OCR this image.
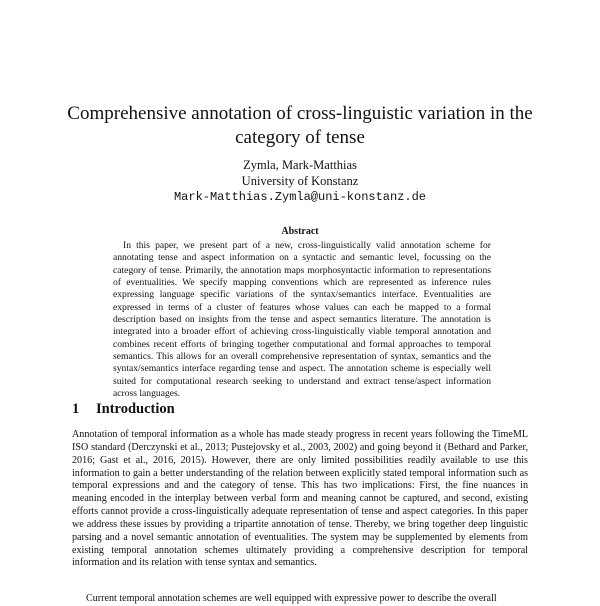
Comprehensive annotation of cross-linguistic variation in the category of tense
Zymla, Mark-Matthias
University of Konstanz
Mark-Matthias.Zymla@uni-konstanz.de
Abstract
In this paper, we present part of a new, cross-linguistically valid annotation scheme for annotating tense and aspect information on a syntactic and semantic level, focussing on the category of tense. Primarily, the annotation maps morphosyntactic information to representations of eventualities. We specify mapping conventions which are represented as inference rules expressing language specific variations of the syntax/semantics interface. Eventualities are expressed in terms of a cluster of features whose values can each be mapped to a formal description based on insights from the tense and aspect semantics literature. The annotation is integrated into a broader effort of achieving cross-linguistically viable temporal annotation and combines recent efforts of bringing together computational and formal approaches to temporal semantics. This allows for an overall comprehensive representation of syntax, semantics and the syntax/semantics interface regarding tense and aspect. The annotation scheme is especially well suited for computational research seeking to understand and extract tense/aspect information across languages.
1 Introduction

Annotation of temporal information as a whole has made steady progress in recent years following the TimeML ISO standard (Derczynski et al., 2013; Pustejovsky et al., 2003, 2002) and going beyond it (Bethard and Parker, 2016; Gast et al., 2016, 2015). However, there are only limited possibilities readily available to use this information to gain a better understanding of the relation between explicitly stated temporal information such as temporal expressions and and the category of tense. This has two implications: First, the fine nuances in meaning encoded in the interplay between verbal form and meaning cannot be captured, and second, existing efforts cannot provide a cross-linguistically adequate representation of tense and aspect categories. In this paper we address these issues by providing a tripartite annotation of tense. Thereby, we bring together deep linguistic parsing and a novel semantic annotation of eventualities. The system may be supplemented by elements from existing temporal annotation schemes ultimately providing a comprehensive description for temporal information and its relation with tense syntax and semantics.

Current temporal annotation schemes are well equipped with expressive power to describe the overall
